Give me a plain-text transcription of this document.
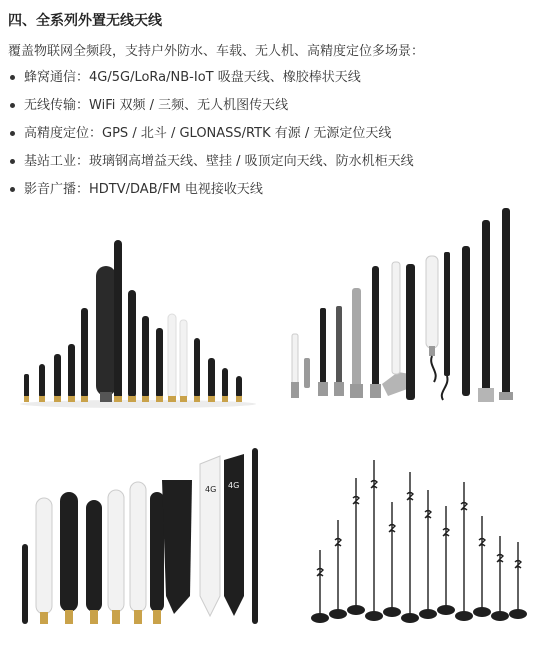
四、全系列外置无线天线
覆盖物联网全频段，支持户外防水、车载、无人机、高精度定位多场景：
蜂窝通信：4G/5G/LoRa/NB-IoT 吸盘天线、橡胶棒状天线
无线传输：WiFi 双频 / 三频、无人机图传天线
高精度定位：GPS / 北斗 / GLONASS/RTK 有源 / 无源定位天线
基站工业：玻璃钢高增益天线、壁挂 / 吸顶定向天线、防水机柜天线
影音广播：HDTV/DAB/FM 电视接收天线
4G 4G
